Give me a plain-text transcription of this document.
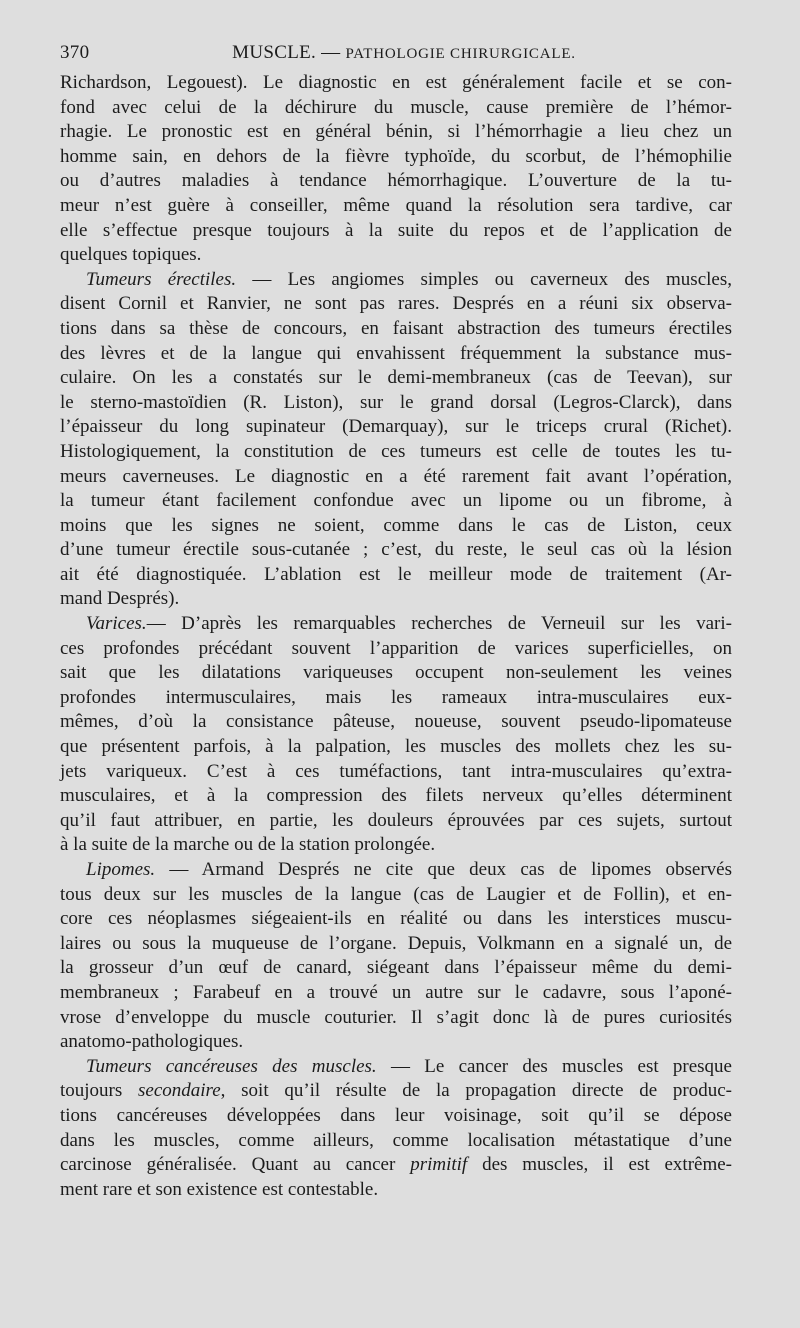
370	MUSCLE. — PATHOLOGIE CHIRURGICALE.
Richardson, Legouest). Le diagnostic en est généralement facile et se con-
fond avec celui de la déchirure du muscle, cause première de l’hémor-
rhagie. Le pronostic est en général bénin, si l’hémorrhagie a lieu chez un
homme sain, en dehors de la fièvre typhoïde, du scorbut, de l’hémophilie
ou d’autres maladies à tendance hémorrhagique. L’ouverture de la tu-
meur n’est guère à conseiller, même quand la résolution sera tardive, car
elle s’effectue presque toujours à la suite du repos et de l’application de
quelques topiques.
Tumeurs érectiles. — Les angiomes simples ou caverneux des muscles,
disent Cornil et Ranvier, ne sont pas rares. Després en a réuni six observa-
tions dans sa thèse de concours, en faisant abstraction des tumeurs érectiles
des lèvres et de la langue qui envahissent fréquemment la substance mus-
culaire. On les a constatés sur le demi-membraneux (cas de Teevan), sur
le sterno-mastoïdien (R. Liston), sur le grand dorsal (Legros-Clarck), dans
l’épaisseur du long supinateur (Demarquay), sur le triceps crural (Richet).
Histologiquement, la constitution de ces tumeurs est celle de toutes les tu-
meurs caverneuses. Le diagnostic en a été rarement fait avant l’opération,
la tumeur étant facilement confondue avec un lipome ou un fibrome, à
moins que les signes ne soient, comme dans le cas de Liston, ceux
d’une tumeur érectile sous-cutanée ; c’est, du reste, le seul cas où la lésion
ait été diagnostiquée. L’ablation est le meilleur mode de traitement (Ar-
mand Després).
Varices.— D’après les remarquables recherches de Verneuil sur les vari-
ces profondes précédant souvent l’apparition de varices superficielles, on
sait que les dilatations variqueuses occupent non-seulement les veines
profondes intermusculaires, mais les rameaux intra-musculaires eux-
mêmes, d’où la consistance pâteuse, noueuse, souvent pseudo-lipomateuse
que présentent parfois, à la palpation, les muscles des mollets chez les su-
jets variqueux. C’est à ces tuméfactions, tant intra-musculaires qu’extra-
musculaires, et à la compression des filets nerveux qu’elles déterminent
qu’il faut attribuer, en partie, les douleurs éprouvées par ces sujets, surtout
à la suite de la marche ou de la station prolongée.
Lipomes. — Armand Després ne cite que deux cas de lipomes observés
tous deux sur les muscles de la langue (cas de Laugier et de Follin), et en-
core ces néoplasmes siégeaient-ils en réalité ou dans les interstices muscu-
laires ou sous la muqueuse de l’organe. Depuis, Volkmann en a signalé un, de
la grosseur d’un œuf de canard, siégeant dans l’épaisseur même du demi-
membraneux ; Farabeuf en a trouvé un autre sur le cadavre, sous l’aponé-
vrose d’enveloppe du muscle couturier. Il s’agit donc là de pures curiosités
anatomo-pathologiques.
Tumeurs cancéreuses des muscles. — Le cancer des muscles est presque
toujours secondaire, soit qu’il résulte de la propagation directe de produc-
tions cancéreuses développées dans leur voisinage, soit qu’il se dépose
dans les muscles, comme ailleurs, comme localisation métastatique d’une
carcinose généralisée. Quant au cancer primitif des muscles, il est extrême-
ment rare et son existence est contestable.
